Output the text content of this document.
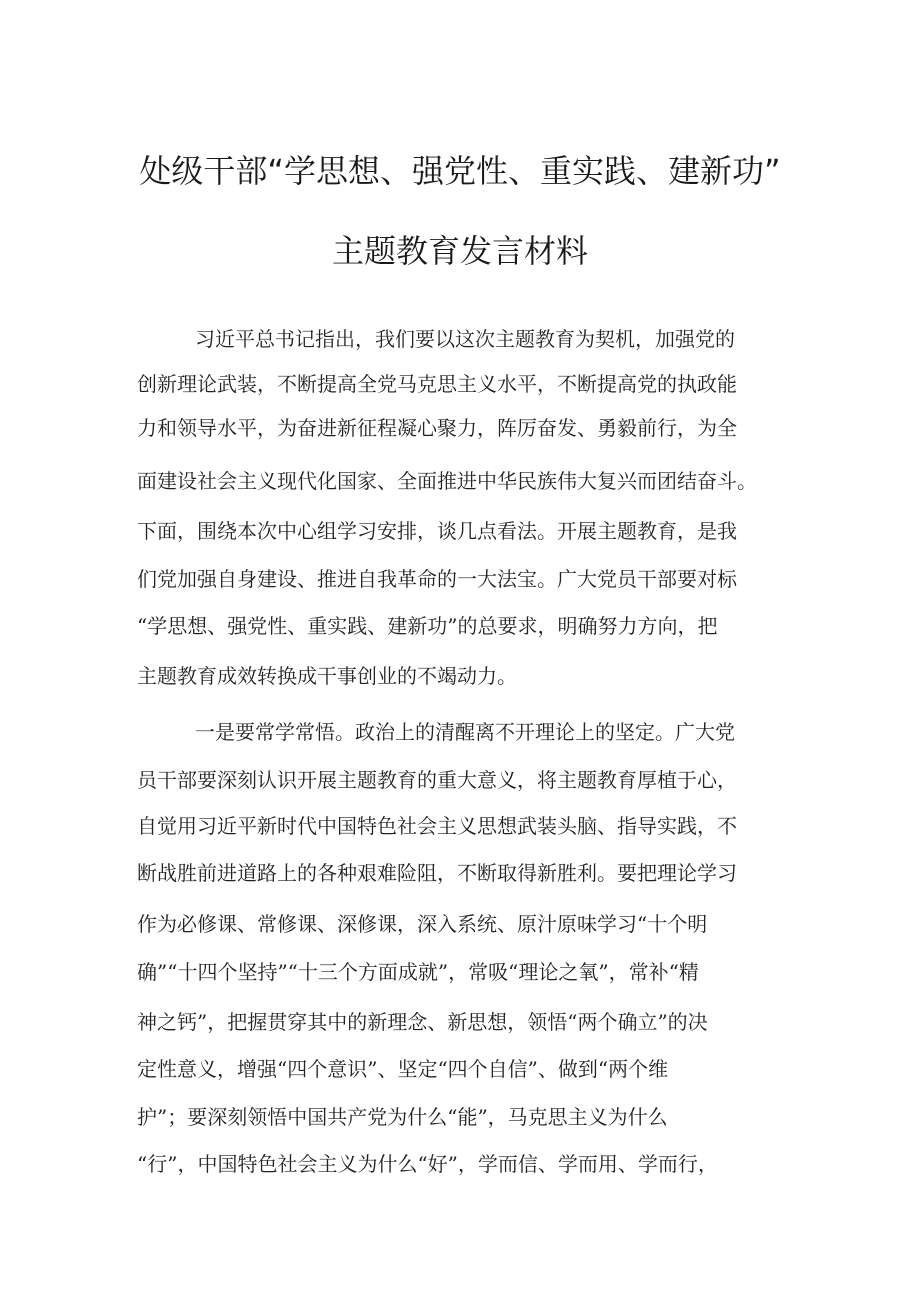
处级干部“学思想、强党性、重实践、建新功”
主题教育发言材料

习近平总书记指出，我们要以这次主题教育为契机，加强党的

创新理论武装，不断提高全党马克思主义水平，不断提高党的执政能

力和领导水平，为奋进新征程凝心聚力，阵厉奋发、勇毅前行，为全

面建设社会主义现代化国家、全面推进中华民族伟大复兴而团结奋斗。

下面，围绕本次中心组学习安排，谈几点看法。开展主题教育，是我

们党加强自身建设、推进自我革命的一大法宝。广大党员干部要对标

“学思想、强党性、重实践、建新功”的总要求，明确努力方向，把

主题教育成效转换成干事创业的不竭动力。

一是要常学常悟。政治上的清醒离不开理论上的坚定。广大党

员干部要深刻认识开展主题教育的重大意义，将主题教育厚植于心，

自觉用习近平新时代中国特色社会主义思想武装头脑、指导实践，不

断战胜前进道路上的各种艰难险阻，不断取得新胜利。要把理论学习

作为必修课、常修课、深修课，深入系统、原汁原味学习“十个明

确”“十四个坚持”“十三个方面成就”，常吸“理论之氧”，常补“精

神之钙”，把握贯穿其中的新理念、新思想，领悟“两个确立”的决

定性意义，增强“四个意识”、坚定“四个自信”、做到“两个维

护”；要深刻领悟中国共产党为什么“能”，马克思主义为什么

“行”，中国特色社会主义为什么“好”，学而信、学而用、学而行，
